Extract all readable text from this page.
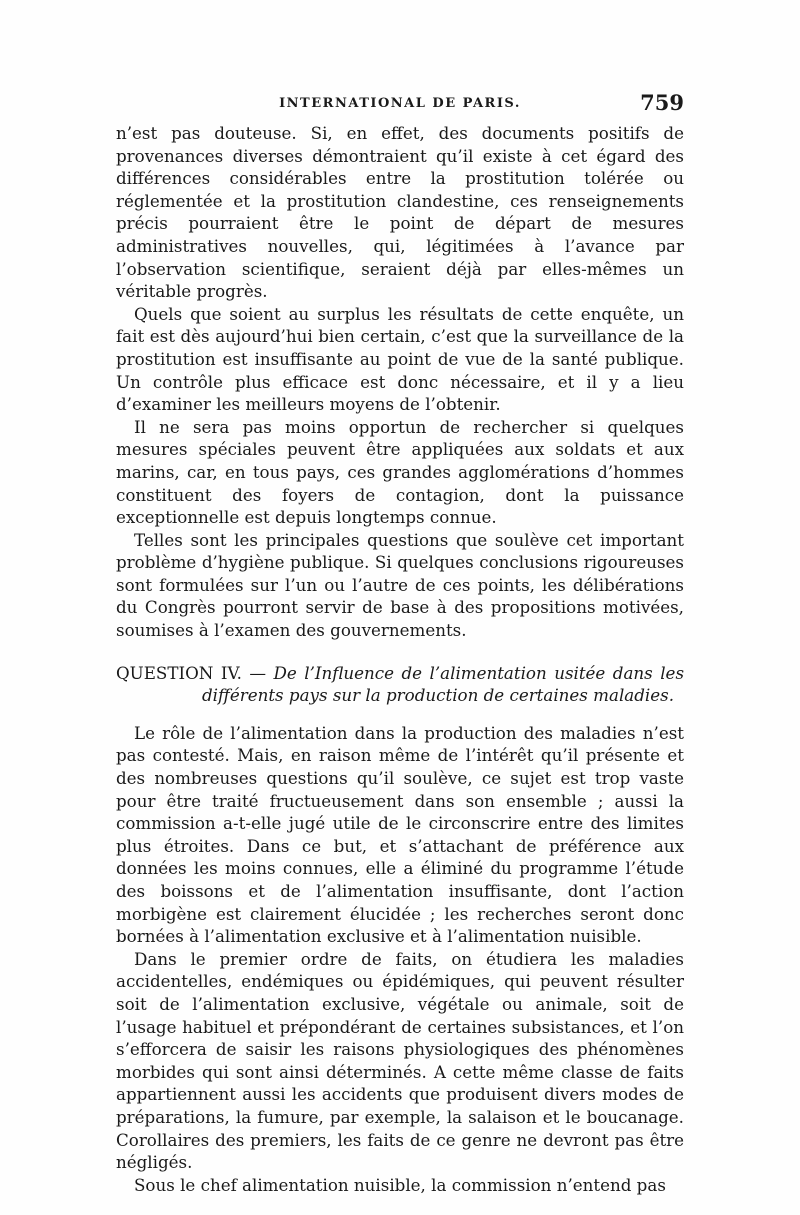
INTERNATIONAL DE PARIS.	759

n’est pas douteuse. Si, en effet, des documents positifs de provenances diverses démontraient qu’il existe à cet égard des différences considérables entre la prostitution tolérée ou réglementée et la prostitution clandestine, ces renseignements précis pourraient être le point de départ de mesures administratives nouvelles, qui, légitimées à l’avance par l’observation scientifique, seraient déjà par elles-mêmes un véritable progrès.

Quels que soient au surplus les résultats de cette enquête, un fait est dès aujourd’hui bien certain, c’est que la surveillance de la prostitution est insuffisante au point de vue de la santé publique. Un contrôle plus efficace est donc nécessaire, et il y a lieu d’examiner les meilleurs moyens de l’obtenir.

Il ne sera pas moins opportun de rechercher si quelques mesures spéciales peuvent être appliquées aux soldats et aux marins, car, en tous pays, ces grandes agglomérations d’hommes constituent des foyers de contagion, dont la puissance exceptionnelle est depuis longtemps connue.

Telles sont les principales questions que soulève cet important problème d’hygiène publique. Si quelques conclusions rigoureuses sont formulées sur l’un ou l’autre de ces points, les délibérations du Congrès pourront servir de base à des propositions motivées, soumises à l’examen des gouvernements.

QUESTION IV. — De l’Influence de l’alimentation usitée dans les différents pays sur la production de certaines maladies.

Le rôle de l’alimentation dans la production des maladies n’est pas contesté. Mais, en raison même de l’intérêt qu’il présente et des nombreuses questions qu’il soulève, ce sujet est trop vaste pour être traité fructueusement dans son ensemble ; aussi la commission a-t-elle jugé utile de le circonscrire entre des limites plus étroites. Dans ce but, et s’attachant de préférence aux données les moins connues, elle a éliminé du programme l’étude des boissons et de l’alimentation insuffisante, dont l’action morbigène est clairement élucidée ; les recherches seront donc bornées à l’alimentation exclusive et à l’alimentation nuisible.

Dans le premier ordre de faits, on étudiera les maladies accidentelles, endémiques ou épidémiques, qui peuvent résulter soit de l’alimentation exclusive, végétale ou animale, soit de l’usage habituel et prépondérant de certaines subsistances, et l’on s’efforcera de saisir les raisons physiologiques des phénomènes morbides qui sont ainsi déterminés. A cette même classe de faits appartiennent aussi les accidents que produisent divers modes de préparations, la fumure, par exemple, la salaison et le boucanage. Corollaires des premiers, les faits de ce genre ne devront pas être négligés.

Sous le chef alimentation nuisible, la commission n’entend pas
